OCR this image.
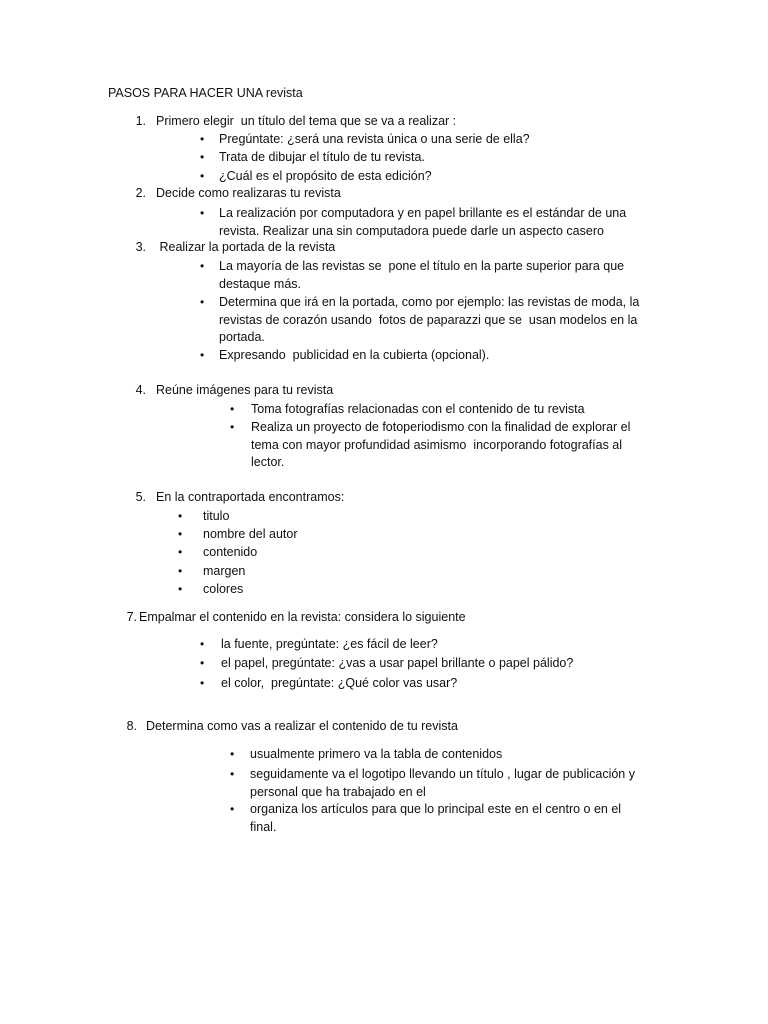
PASOS PARA HACER UNA revista
1. Primero elegir  un título del tema que se va a realizar :
• Pregúntate: ¿será una revista única o una serie de ella?
• Trata de dibujar el título de tu revista.
• ¿Cuál es el propósito de esta edición?
2. Decide como realizaras tu revista
• La realización por computadora y en papel brillante es el estándar de una
revista. Realizar una sin computadora puede darle un aspecto casero
3. Realizar la portada de la revista
• La mayoría de las revistas se  pone el título en la parte superior para que
destaque más.
• Determina que irá en la portada, como por ejemplo: las revistas de moda, la
revistas de corazón usando  fotos de paparazzi que se  usan modelos en la
portada.
• Expresando  publicidad en la cubierta (opcional).
4. Reúne imágenes para tu revista
• Toma fotografías relacionadas con el contenido de tu revista
• Realiza un proyecto de fotoperiodismo con la finalidad de explorar el
tema con mayor profundidad asimismo  incorporando fotografías al
lector.
5. En la contraportada encontramos:
• titulo
• nombre del autor
• contenido
• margen
• colores
7. Empalmar el contenido en la revista: considera lo siguiente
• la fuente, pregúntate: ¿es fácil de leer?
• el papel, pregúntate: ¿vas a usar papel brillante o papel pálido?
• el color,  pregúntate: ¿Qué color vas usar?
8. Determina como vas a realizar el contenido de tu revista
• usualmente primero va la tabla de contenidos
• seguidamente va el logotipo llevando un título , lugar de publicación y
personal que ha trabajado en el
• organiza los artículos para que lo principal este en el centro o en el
final.
